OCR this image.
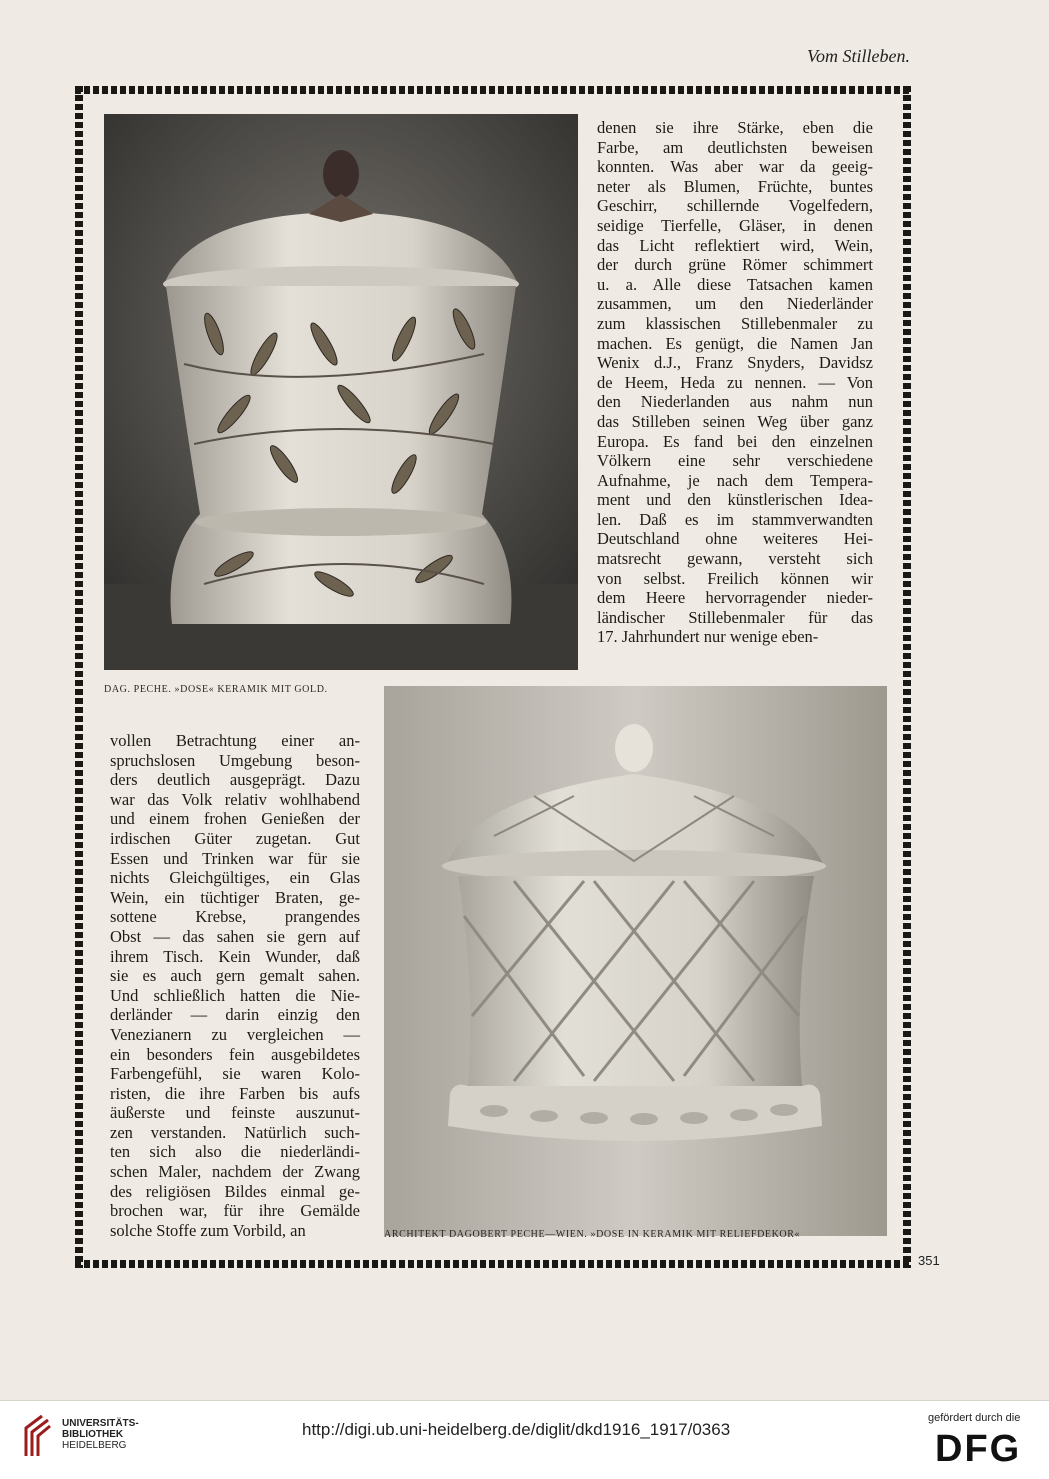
Vom Stilleben.
DAG. PECHE. »DOSE« KERAMIK MIT GOLD.
ARCHITEKT DAGOBERT PECHE—WIEN. »DOSE IN KERAMIK MIT RELIEFDEKOR«
denen sie ihre Stärke, eben die
Farbe, am deutlichsten beweisen
konnten. Was aber war da geeig-
neter als Blumen, Früchte, buntes
Geschirr, schillernde Vogelfedern,
seidige Tierfelle, Gläser, in denen
das Licht reflektiert wird, Wein,
der durch grüne Römer schimmert
u. a. Alle diese Tatsachen kamen
zusammen, um den Niederländer
zum klassischen Stillebenmaler zu
machen. Es genügt, die Namen Jan
Wenix d.J., Franz Snyders, Davidsz
de Heem, Heda zu nennen. — Von
den Niederlanden aus nahm nun
das Stilleben seinen Weg über ganz
Europa. Es fand bei den einzelnen
Völkern eine sehr verschiedene
Aufnahme, je nach dem Tempera-
ment und den künstlerischen Idea-
len. Daß es im stammverwandten
Deutschland ohne weiteres Hei-
matsrecht gewann, versteht sich
von selbst. Freilich können wir
dem Heere hervorragender nieder-
ländischer Stillebenmaler für das
17. Jahrhundert nur wenige eben-
vollen Betrachtung einer an-
spruchslosen Umgebung beson-
ders deutlich ausgeprägt. Dazu
war das Volk relativ wohlhabend
und einem frohen Genießen der
irdischen Güter zugetan. Gut
Essen und Trinken war für sie
nichts Gleichgültiges, ein Glas
Wein, ein tüchtiger Braten, ge-
sottene Krebse, prangendes
Obst — das sahen sie gern auf
ihrem Tisch. Kein Wunder, daß
sie es auch gern gemalt sahen.
Und schließlich hatten die Nie-
derländer — darin einzig den
Venezianern zu vergleichen —
ein besonders fein ausgebildetes
Farbengefühl, sie waren Kolo-
risten, die ihre Farben bis aufs
äußerste und feinste auszunut-
zen verstanden. Natürlich such-
ten sich also die niederländi-
schen Maler, nachdem der Zwang
des religiösen Bildes einmal ge-
brochen war, für ihre Gemälde
solche Stoffe zum Vorbild, an
351
UNIVERSITÄTS-
BIBLIOTHEK
HEIDELBERG
http://digi.ub.uni-heidelberg.de/diglit/dkd1916_1917/0363
gefördert durch die
DFG
